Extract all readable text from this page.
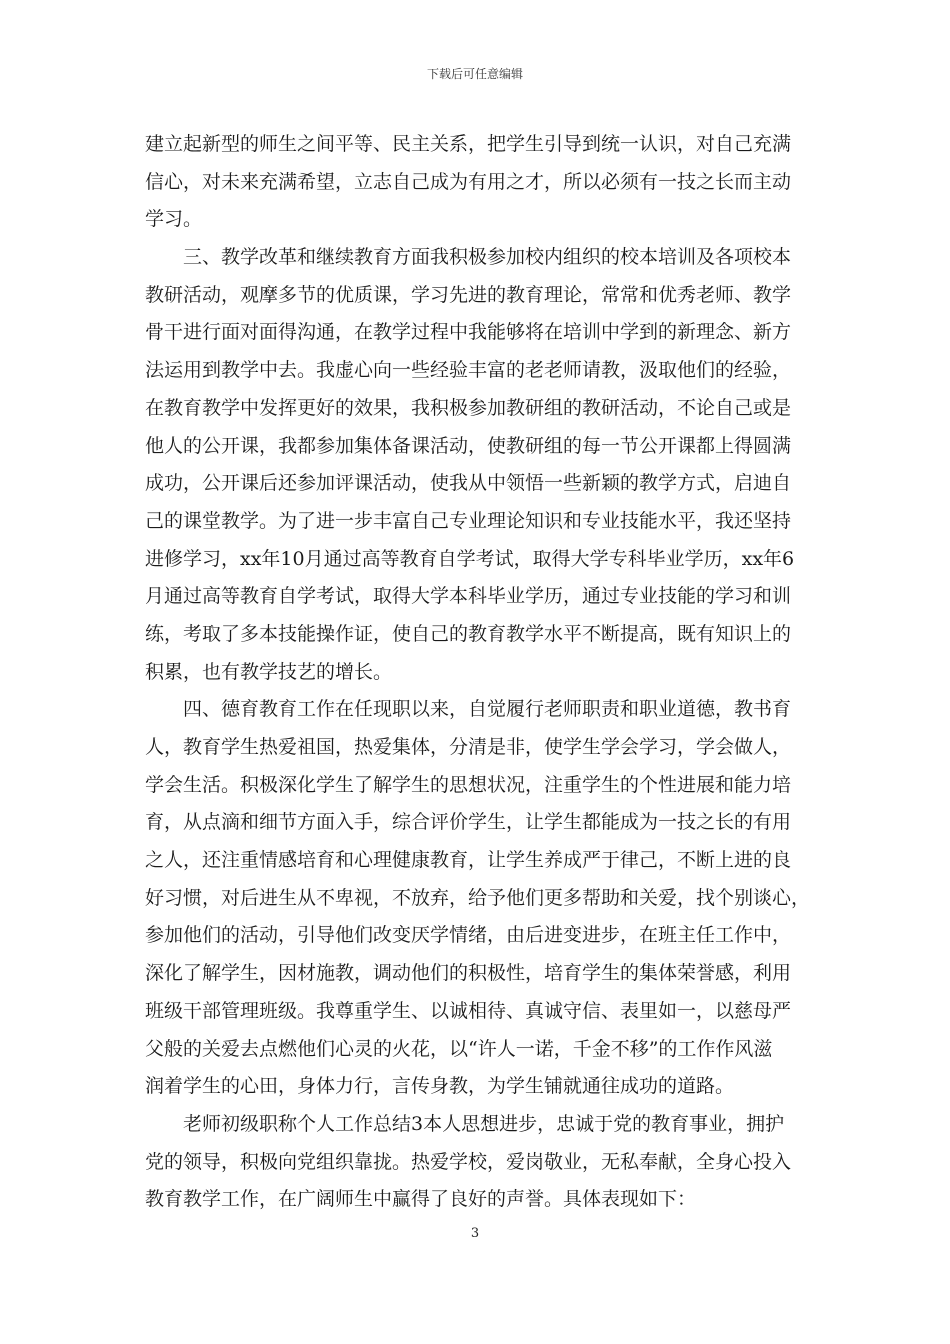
下载后可任意编辑
建立起新型的师生之间平等、民主关系，把学生引导到统一认识，对自己充满
信心，对未来充满希望，立志自己成为有用之才，所以必须有一技之长而主动
学习。
三、教学改革和继续教育方面我积极参加校内组织的校本培训及各项校本
教研活动，观摩多节的优质课，学习先进的教育理论，常常和优秀老师、教学
骨干进行面对面得沟通，在教学过程中我能够将在培训中学到的新理念、新方
法运用到教学中去。我虚心向一些经验丰富的老老师请教，汲取他们的经验，
在教育教学中发挥更好的效果，我积极参加教研组的教研活动，不论自己或是
他人的公开课，我都参加集体备课活动，使教研组的每一节公开课都上得圆满
成功，公开课后还参加评课活动，使我从中领悟一些新颖的教学方式，启迪自
己的课堂教学。为了进一步丰富自己专业理论知识和专业技能水平，我还坚持
进修学习，xx年10月通过高等教育自学考试，取得大学专科毕业学历，xx年6
月通过高等教育自学考试，取得大学本科毕业学历，通过专业技能的学习和训
练，考取了多本技能操作证，使自己的教育教学水平不断提高，既有知识上的
积累，也有教学技艺的增长。
四、德育教育工作在任现职以来，自觉履行老师职责和职业道德，教书育
人，教育学生热爱祖国，热爱集体，分清是非，使学生学会学习，学会做人，
学会生活。积极深化学生了解学生的思想状况，注重学生的个性进展和能力培
育，从点滴和细节方面入手，综合评价学生，让学生都能成为一技之长的有用
之人，还注重情感培育和心理健康教育，让学生养成严于律己，不断上进的良
好习惯，对后进生从不卑视，不放弃，给予他们更多帮助和关爱，找个别谈心，
参加他们的活动，引导他们改变厌学情绪，由后进变进步，在班主任工作中，
深化了解学生，因材施教，调动他们的积极性，培育学生的集体荣誉感，利用
班级干部管理班级。我尊重学生、以诚相待、真诚守信、表里如一，以慈母严
父般的关爱去点燃他们心灵的火花，以“许人一诺，千金不移”的工作作风滋
润着学生的心田，身体力行，言传身教，为学生铺就通往成功的道路。
老师初级职称个人工作总结3本人思想进步，忠诚于党的教育事业，拥护
党的领导，积极向党组织靠拢。热爱学校，爱岗敬业，无私奉献，全身心投入
教育教学工作，在广阔师生中赢得了良好的声誉。具体表现如下：
3
